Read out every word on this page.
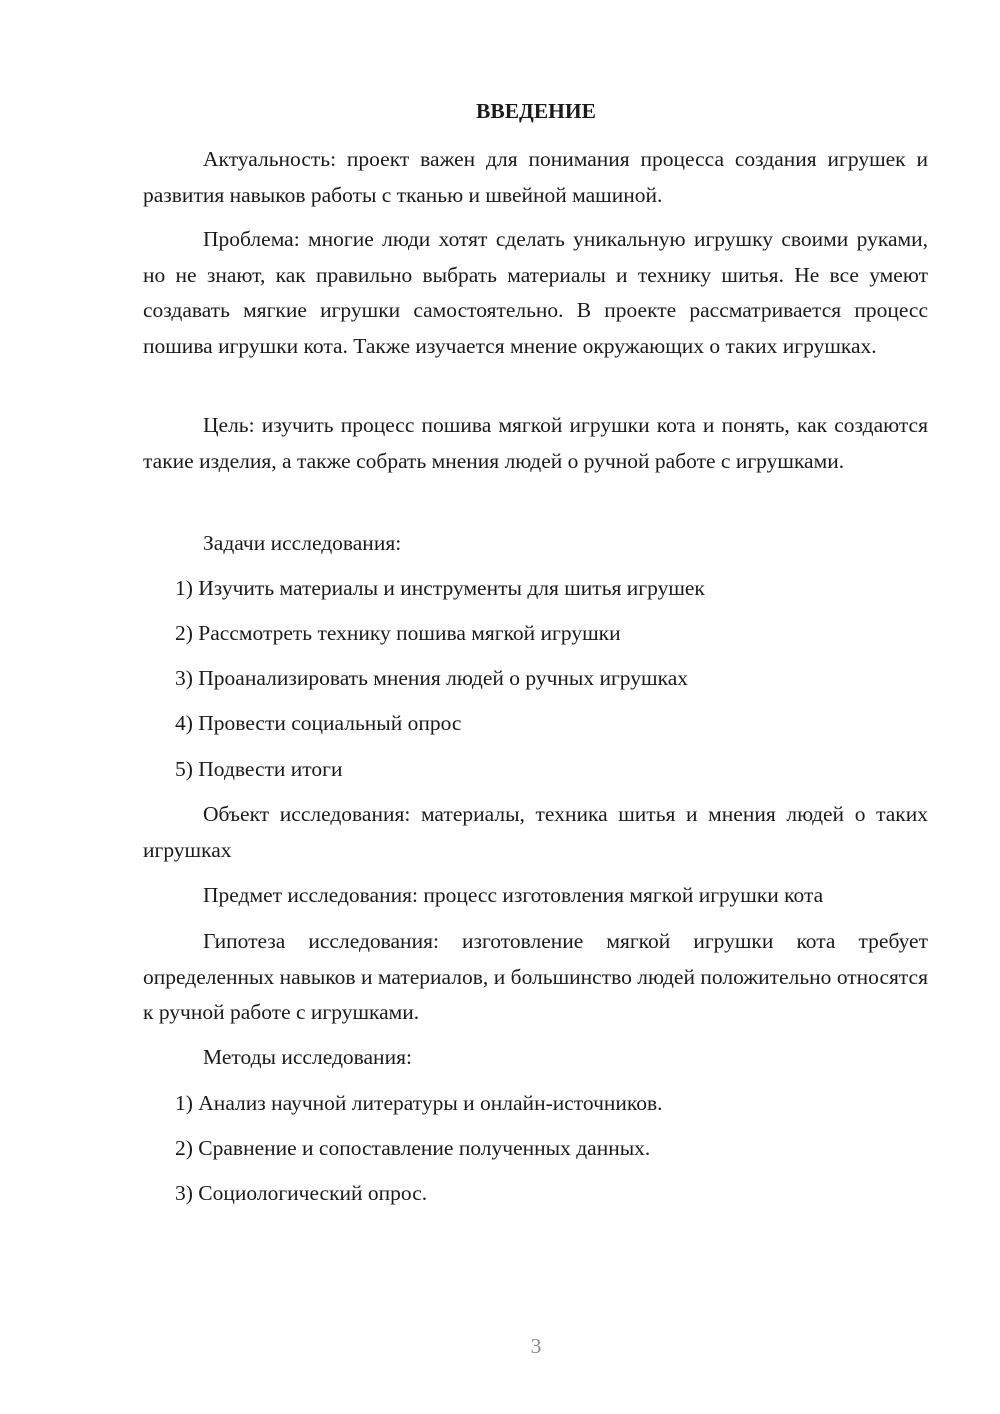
ВВЕДЕНИЕ
Актуальность: проект важен для понимания процесса создания игрушек и развития навыков работы с тканью и швейной машиной.
Проблема: многие люди хотят сделать уникальную игрушку своими руками, но не знают, как правильно выбрать материалы и технику шитья. Не все умеют создавать мягкие игрушки самостоятельно. В проекте рассматривается процесс пошива игрушки кота. Также изучается мнение окружающих о таких игрушках.
Цель: изучить процесс пошива мягкой игрушки кота и понять, как создаются такие изделия, а также собрать мнения людей о ручной работе с игрушками.
Задачи исследования:
1) Изучить материалы и инструменты для шитья игрушек
2) Рассмотреть технику пошива мягкой игрушки
3) Проанализировать мнения людей о ручных игрушках
4) Провести социальный опрос
5) Подвести итоги
Объект исследования: материалы, техника шитья и мнения людей о таких игрушках
Предмет исследования: процесс изготовления мягкой игрушки кота
Гипотеза исследования: изготовление мягкой игрушки кота требует определенных навыков и материалов, и большинство людей положительно относятся к ручной работе с игрушками.
Методы исследования:
1) Анализ научной литературы и онлайн-источников.
2) Сравнение и сопоставление полученных данных.
3) Социологический опрос.
3
